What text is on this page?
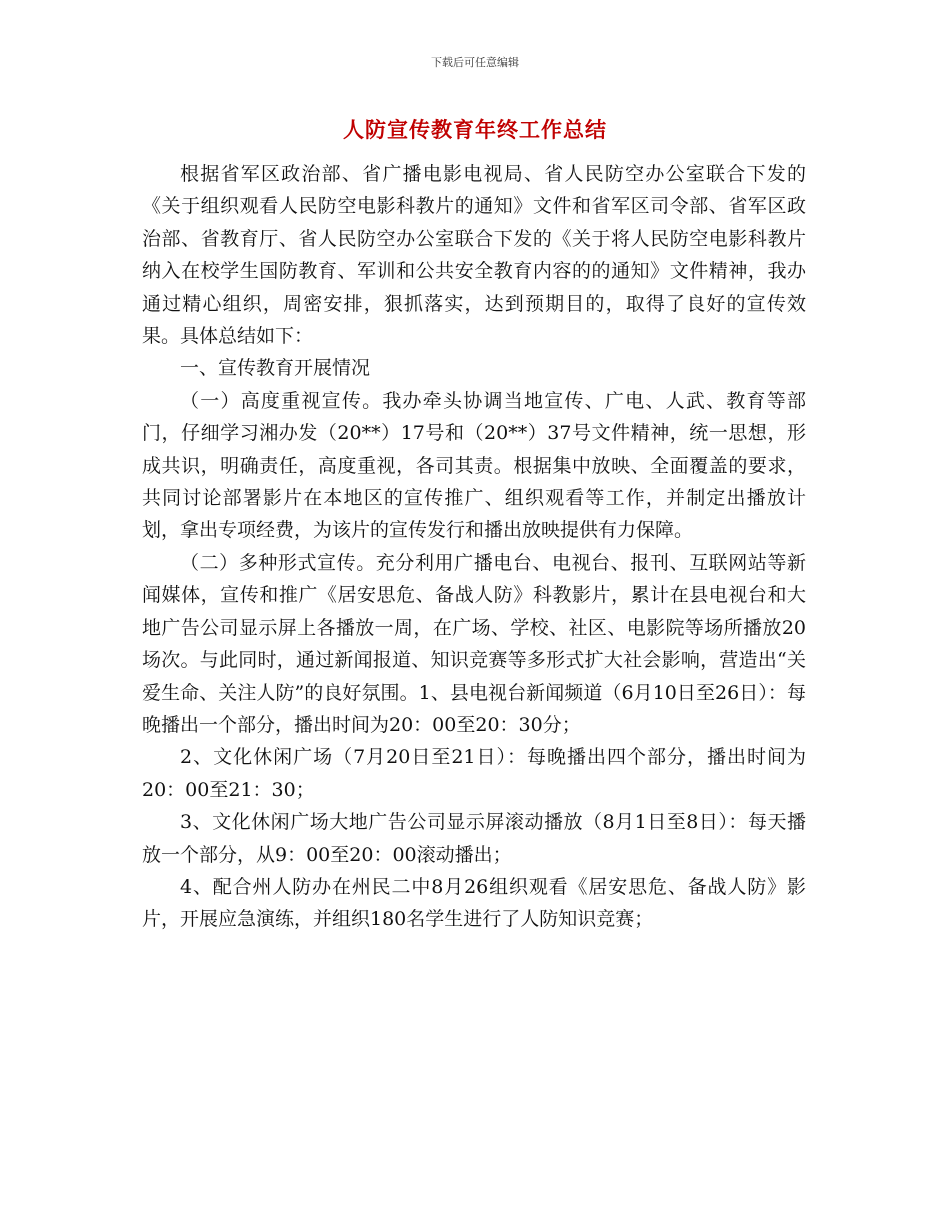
下载后可任意编辑
人防宣传教育年终工作总结

根据省军区政治部、省广播电影电视局、省人民防空办公室联合下发的《关于组织观看人民防空电影科教片的通知》文件和省军区司令部、省军区政治部、省教育厅、省人民防空办公室联合下发的《关于将人民防空电影科教片纳入在校学生国防教育、军训和公共安全教育内容的的通知》文件精神，我办通过精心组织，周密安排，狠抓落实，达到预期目的，取得了良好的宣传效果。具体总结如下：

一、宣传教育开展情况

（一）高度重视宣传。我办牵头协调当地宣传、广电、人武、教育等部门，仔细学习湘办发（20**）17号和（20**）37号文件精神，统一思想，形成共识，明确责任，高度重视，各司其责。根据集中放映、全面覆盖的要求，共同讨论部署影片在本地区的宣传推广、组织观看等工作，并制定出播放计划，拿出专项经费，为该片的宣传发行和播出放映提供有力保障。

（二）多种形式宣传。充分利用广播电台、电视台、报刊、互联网站等新闻媒体，宣传和推广《居安思危、备战人防》科教影片，累计在县电视台和大地广告公司显示屏上各播放一周，在广场、学校、社区、电影院等场所播放20场次。与此同时，通过新闻报道、知识竞赛等多形式扩大社会影响，营造出“关爱生命、关注人防”的良好氛围。1、县电视台新闻频道（6月10日至26日）：每晚播出一个部分，播出时间为20：00至20：30分；

2、文化休闲广场（7月20日至21日）：每晚播出四个部分，播出时间为20：00至21：30；

3、文化休闲广场大地广告公司显示屏滚动播放（8月1日至8日）：每天播放一个部分，从9：00至20：00滚动播出；

4、配合州人防办在州民二中8月26组织观看《居安思危、备战人防》影片，开展应急演练，并组织180名学生进行了人防知识竞赛；
